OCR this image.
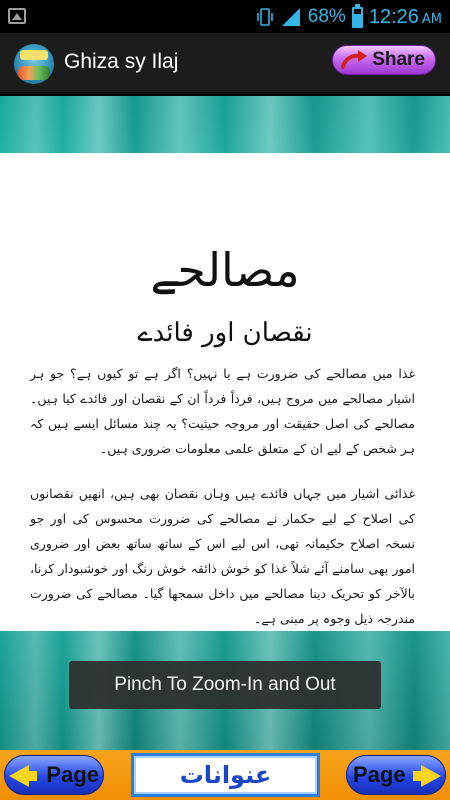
68% 12:26 AM
Ghiza sy Ilaj	Share
مصالحے
نقصان اور فائدے
غذا میں مصالحے کی ضرورت ہے یا نہیں؟ اگر ہے تو کیوں ہے؟ جو ہر اشیار مصالحے میں مروج ہیں، فرداً فرداً ان کے نقصان اور فائدے کیا ہیں۔ مصالحے کی اصل حقیقت اور مروجہ حیثیت؟ یہ چند مسائل ایسے ہیں کہ ہر شخص کے لیے ان کے متعلق علمی معلومات ضروری ہیں۔
غذائی اشیار میں جہاں فائدے ہیں وہاں نقصان بھی ہیں، انھیں نقصانوں کی اصلاح کے لیے حکمار نے مصالحے کی ضرورت محسوس کی اور جو نسخہ اصلاح حکیمانہ تھی، اس لیے اس کے ساتھ ساتھ بعض اور ضروری امور بھی سامنے آئے شلاً غذا کو خوش ذائقہ خوش رنگ اور خوشبودار کرنا، بالآخر کو تحریک دینا مصالحے میں داخل سمجھا گیا۔ مصالحے کی ضرورت مندرجہ ذیل وجوہ پر مبنی ہے۔
Pinch To Zoom-In and Out
Page	عنوانات	Page
